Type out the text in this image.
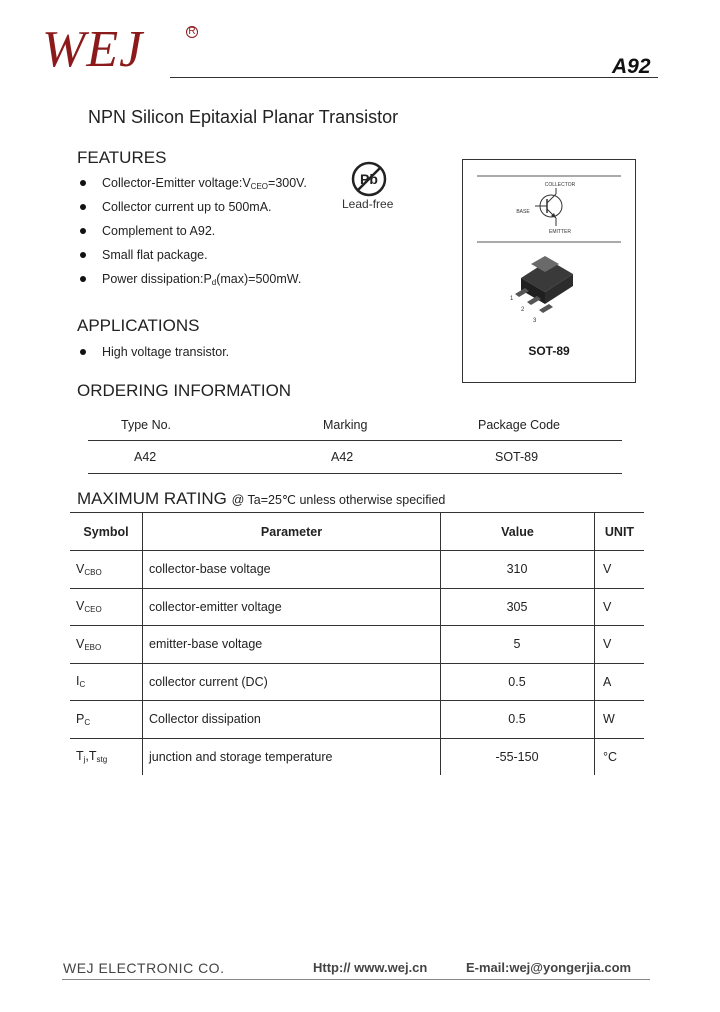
WEJ	R
A92
NPN Silicon Epitaxial Planar Transistor
FEATURES
Collector-Emitter $voltage:V_{CEO}=300V$.
Collector current up to 500mA.
Complement to A92.
Small flat package.
Power $dissipation:P_d(\max)=500mW$.
Pb
Lead-free
COLLECTOR
BASE
EMITTER
1
2
3
SOT-89
APPLICATIONS
High voltage transistor.
ORDERING INFORMATION
Type No.	Marking	Package Code
A42	A42	SOT-89
MAXIMUM RATING @ Ta=25℃ unless otherwise specified
Symbol	Parameter	Value	UNIT
$V_{CBO}$	collector-base voltage	310	V
$V_{CEO}$	collector-emitter voltage	305	V
$V_{EBO}$	emitter-base voltage	5	V
$I_C$	collector current (DC)	0.5	A
$P_C$	Collector dissipation	0.5	W
$T_j,T_{stg}$	junction and storage temperature	-55-150	°C
WEJ ELECTRONIC CO.	Http:// www.wej.cn	E-mail:wej@yongerjia.com
